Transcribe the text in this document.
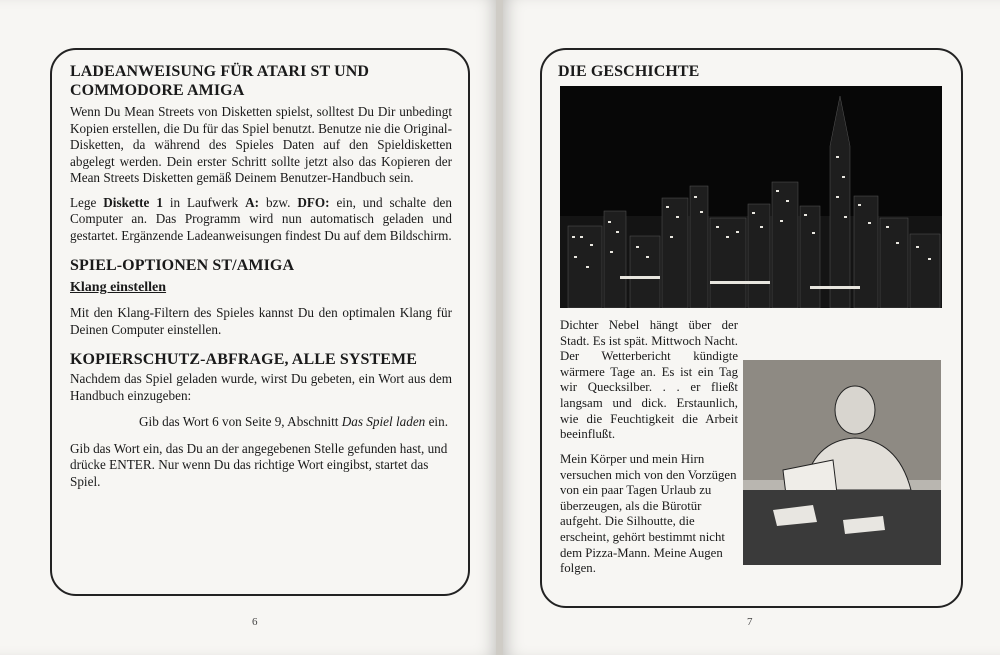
LADEANWEISUNG FÜR ATARI ST UND COMMODORE AMIGA

Wenn Du Mean Streets von Disketten spielst, solltest Du Dir unbedingt Kopien erstellen, die Du für das Spiel benutzt. Benutze nie die Original-Disketten, da während des Spieles Daten auf den Spieldisketten abgelegt werden. Dein erster Schritt sollte jetzt also das Kopieren der Mean Streets Disketten gemäß Deinem Benutzer-Handbuch sein.

Lege Diskette 1 in Laufwerk A: bzw. DFO: ein, und schalte den Computer an. Das Programm wird nun automatisch geladen und gestartet. Ergänzende Ladeanweisungen findest Du auf dem Bildschirm.

SPIEL-OPTIONEN ST/AMIGA
Klang einstellen

Mit den Klang-Filtern des Spieles kannst Du den optimalen Klang für Deinen Computer einstellen.

KOPIERSCHUTZ-ABFRAGE, ALLE SYSTEME

Nachdem das Spiel geladen wurde, wirst Du gebeten, ein Wort aus dem Handbuch einzugeben:

Gib das Wort 6 von Seite 9, Abschnitt Das Spiel laden ein.

Gib das Wort ein, das Du an der angegebenen Stelle gefunden hast, und drücke ENTER. Nur wenn Du das richtige Wort eingibst, startet das Spiel.

6
DIE GESCHICHTE

Dichter Nebel hängt über der Stadt. Es ist spät. Mittwoch Nacht. Der Wetterbericht kündigte wärmere Tage an. Es ist ein Tag wir Quecksilber. . . er fließt langsam und dick. Erstaunlich, wie die Feuchtigkeit die Arbeit beeinflußt.

Mein Körper und mein Hirn versuchen mich von den Vorzügen von ein paar Tagen Urlaub zu überzeugen, als die Bürotür aufgeht. Die Silhoutte, die erscheint, gehört bestimmt nicht dem Pizza-Mann. Meine Augen folgen.

7
